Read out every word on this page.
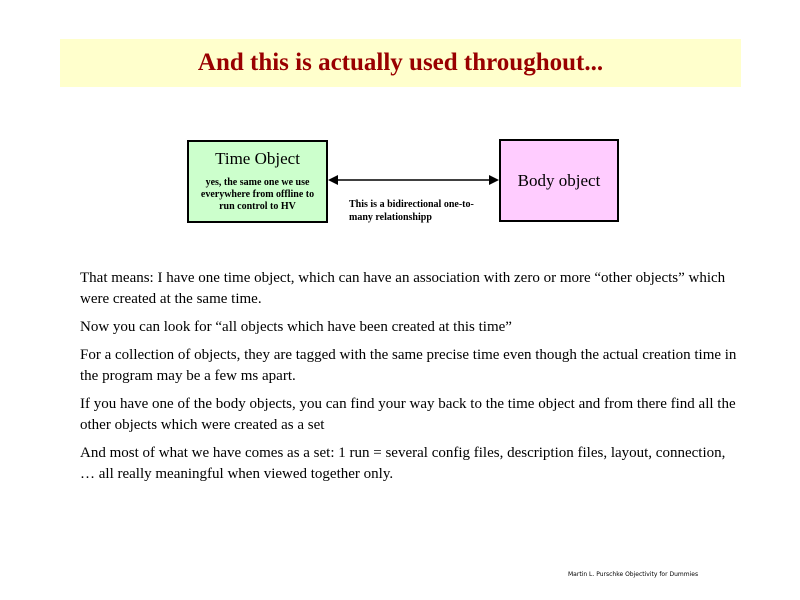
And this is actually used throughout...
Time Object
yes, the same one we use everywhere from offline to run control to HV	This is a bidirectional one-to-many relationshipp
Body object

That means: I have one time object, which can have an association with zero or more “other objects” which were created at the same time.

Now you can look for “all objects which have been created at this time”

For a collection of objects, they are tagged with the same precise time even though the actual creation time in the program may be a few ms apart.

If you have one of the body objects, you can find your way back to the time object and from there find all the other objects which were created as a set

And most of what we have comes as a set: 1 run = several config files, description files, layout, connection, … all really meaningful when viewed together only.

Martin L. Purschke Objectivity for Dummies
